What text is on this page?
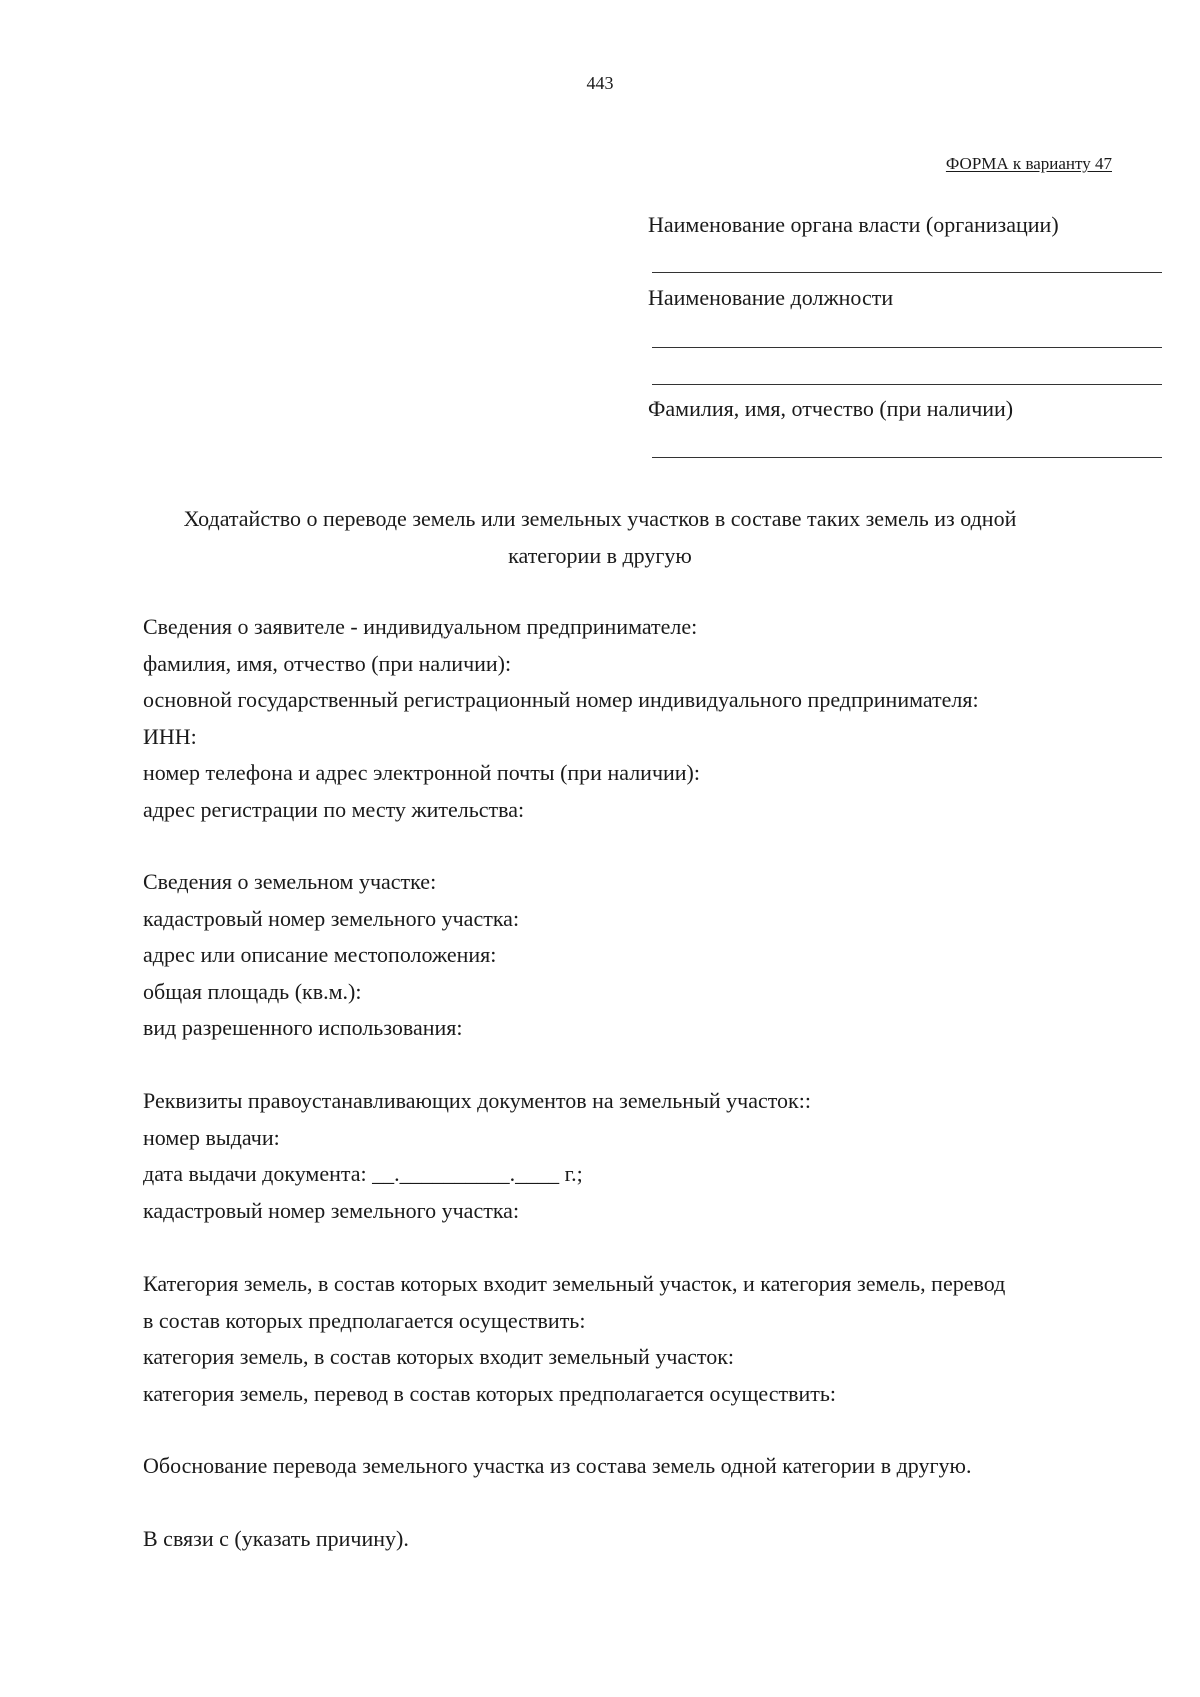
443
ФОРМА к варианту 47
Наименование органа власти (организации)
Наименование должности
Фамилия, имя, отчество (при наличии)
Ходатайство о переводе земель или земельных участков в составе таких земель из одной
категории в другую
Сведения о заявителе - индивидуальном предпринимателе:
фамилия, имя, отчество (при наличии):
основной государственный регистрационный номер индивидуального предпринимателя:
ИНН:
номер телефона и адрес электронной почты (при наличии):
адрес регистрации по месту жительства:
Сведения о земельном участке:
кадастровый номер земельного участка:
адрес или описание местоположения:
общая площадь (кв.м.):
вид разрешенного использования:
Реквизиты правоустанавливающих документов на земельный участок::
номер выдачи:
дата выдачи документа: __.__________.____ г.;
кадастровый номер земельного участка:
Категория земель, в состав которых входит земельный участок, и категория земель, перевод
в состав которых предполагается осуществить:
категория земель, в состав которых входит земельный участок:
категория земель, перевод в состав которых предполагается осуществить:
Обоснование перевода земельного участка из состава земель одной категории в другую.
В связи с (указать причину).
